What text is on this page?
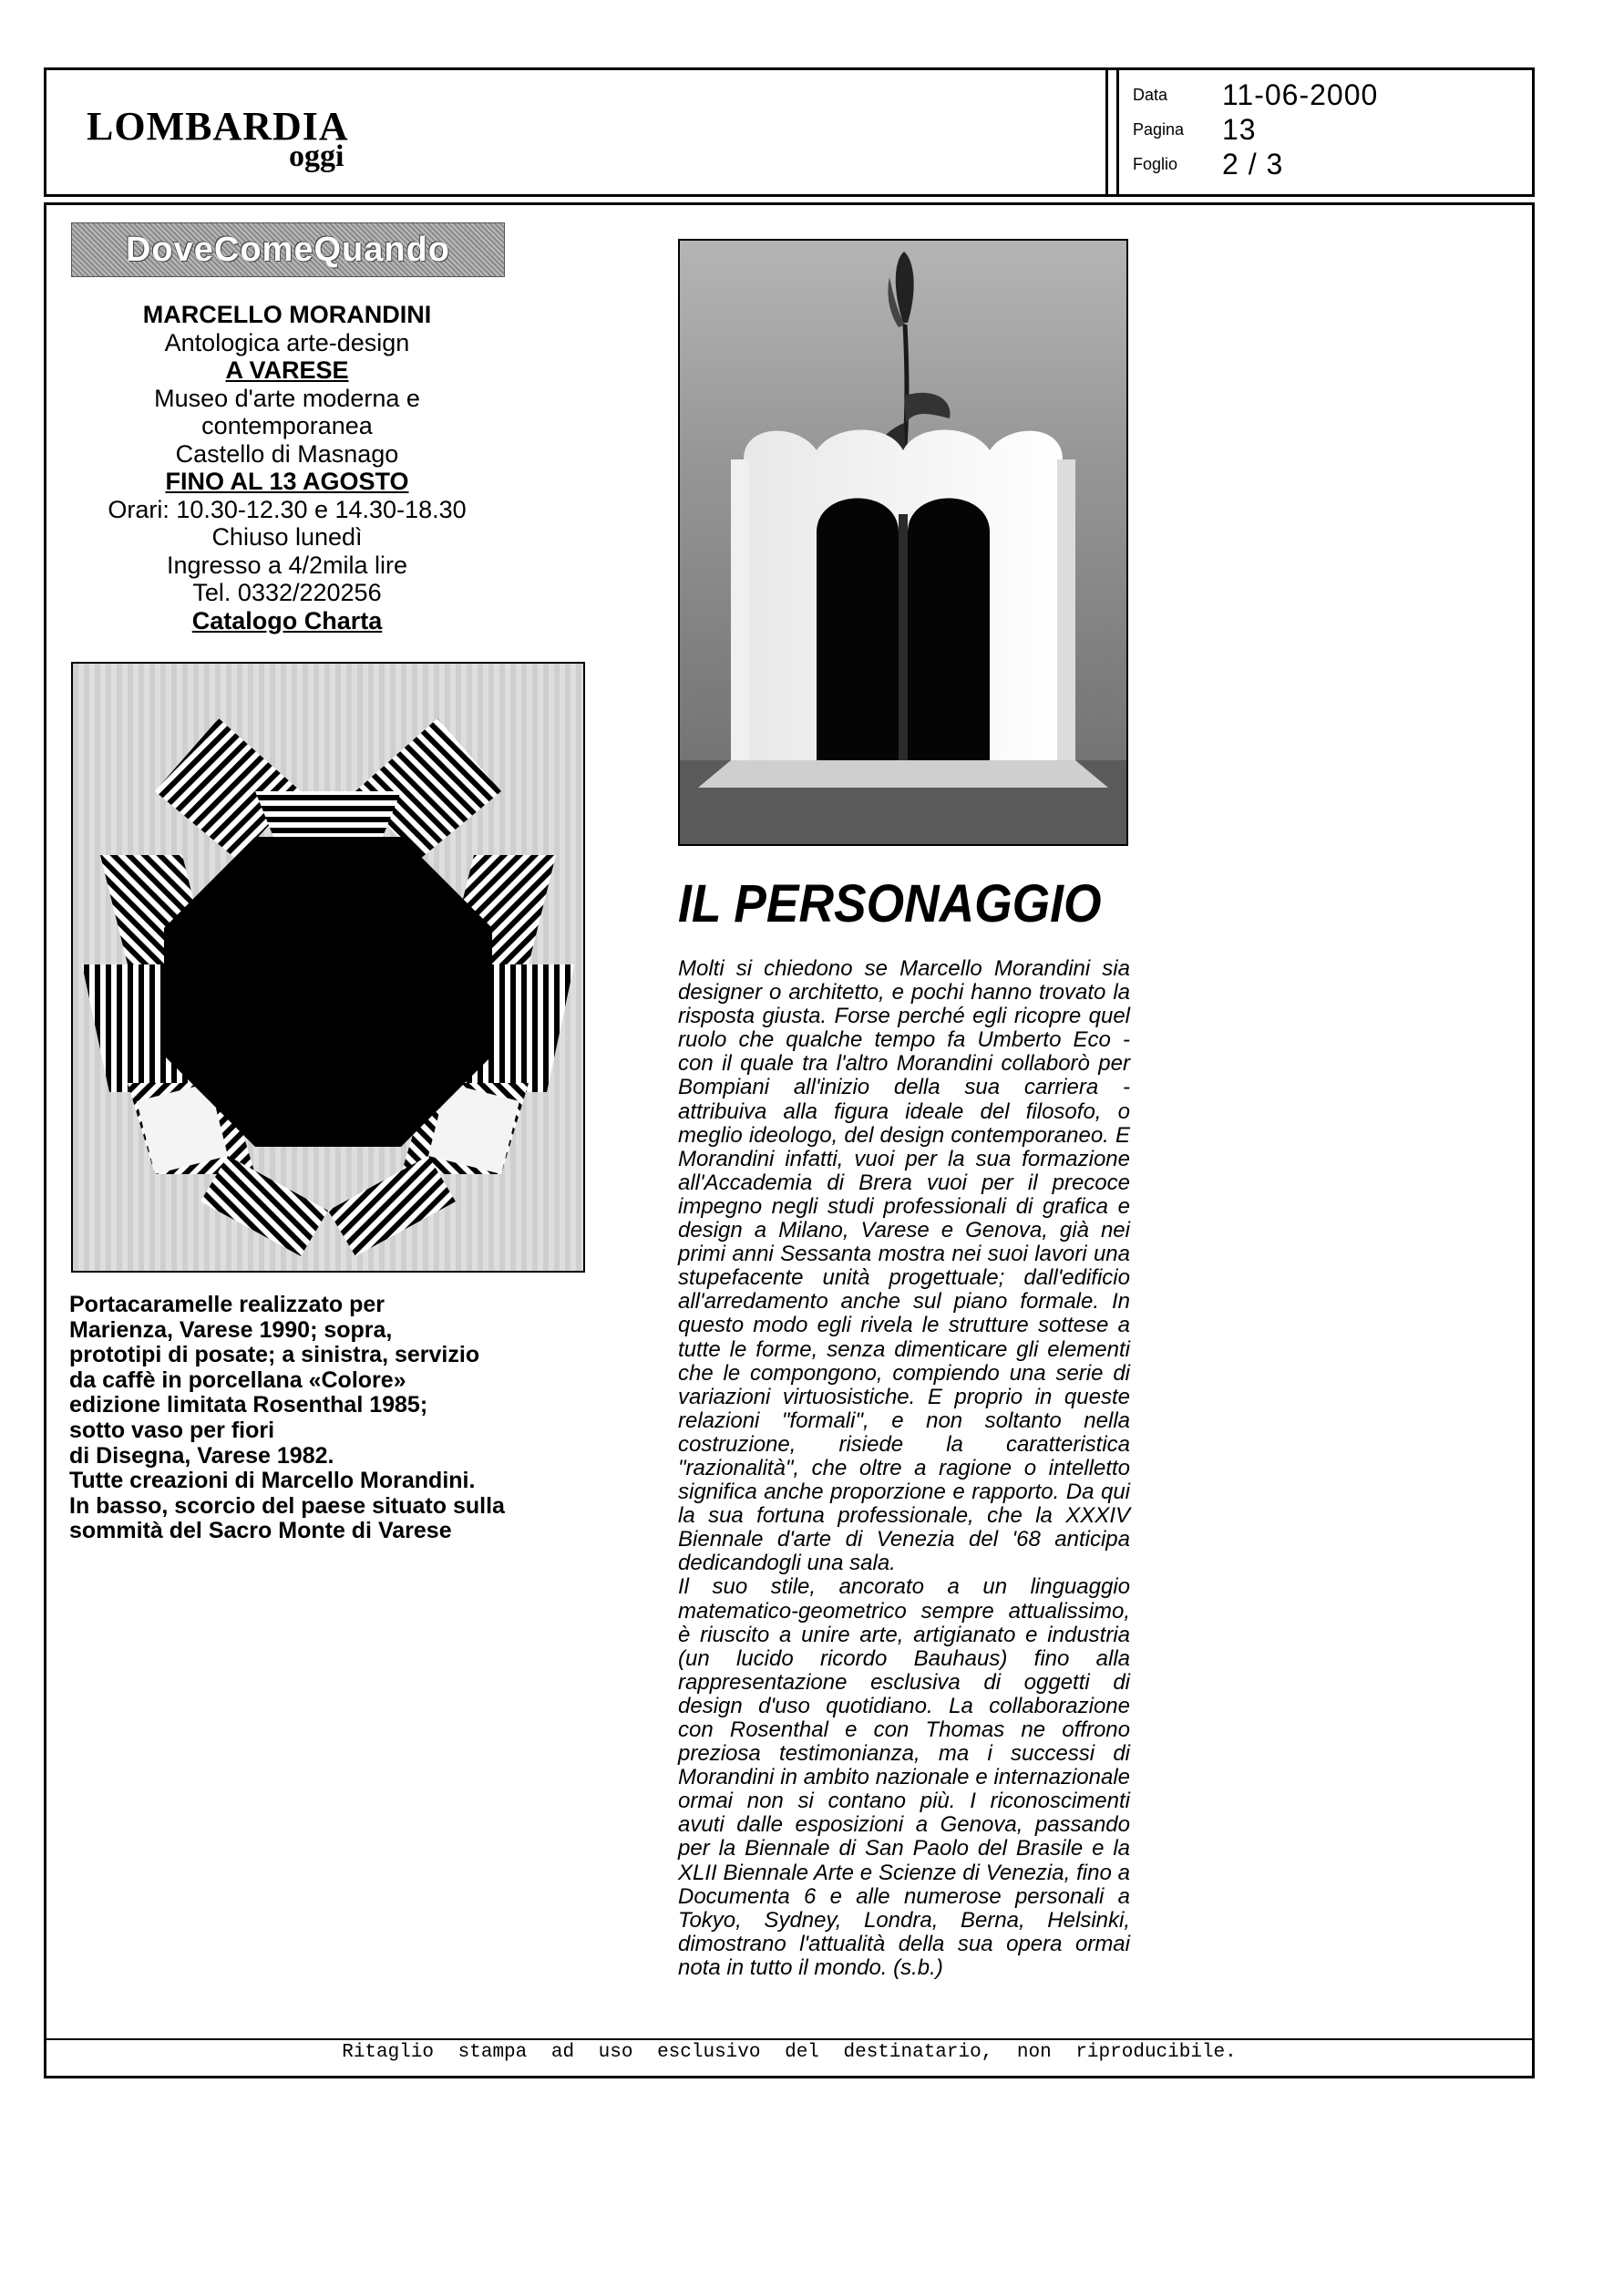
LOMBARDIA
oggi
Data	11-06-2000
Pagina	13
Foglio	2 / 3
DoveComeQuando
MARCELLO MORANDINI
Antologica arte-design
A VARESE
Museo d'arte moderna e
contemporanea
Castello di Masnago
FINO AL 13 AGOSTO
Orari: 10.30-12.30 e 14.30-18.30
Chiuso lunedì
Ingresso a 4/2mila lire
Tel. 0332/220256
Catalogo Charta

Portacaramelle realizzato per

Marienza, Varese 1990; sopra,

prototipi di posate; a sinistra, servizio

da caffè in porcellana «Colore»

edizione limitata Rosenthal 1985;

sotto vaso per fiori

di Disegna, Varese 1982.

Tutte creazioni di Marcello Morandini.

In basso, scorcio del paese situato sulla

sommità del Sacro Monte di Varese

IL PERSONAGGIO

Molti si chiedono se Marcello Morandini sia designer o architetto, e pochi hanno trovato la risposta giusta. Forse perché egli ricopre quel ruolo che qualche tempo fa Umberto Eco - con il quale tra l'altro Morandini collaborò per Bompiani all'inizio della sua carriera - attribuiva alla figura ideale del filosofo, o meglio ideologo, del design contemporaneo. E Morandini infatti, vuoi per la sua formazione all'Accademia di Brera vuoi per il precoce impegno negli studi professionali di grafica e design a Milano, Varese e Genova, già nei primi anni Sessanta mostra nei suoi lavori una stupefacente unità progettuale; dall'edificio all'arredamento anche sul piano formale. In questo modo egli rivela le strutture sottese a tutte le forme, senza dimenticare gli elementi che le compongono, compiendo una serie di variazioni virtuosistiche. E proprio in queste relazioni "formali", e non soltanto nella costruzione, risiede la caratteristica "razionalità", che oltre a ragione o intelletto significa anche proporzione e rapporto. Da qui la sua fortuna professionale, che la XXXIV Biennale d'arte di Venezia del '68 anticipa dedicandogli una sala.

Il suo stile, ancorato a un linguaggio matematico-geometrico sempre attualissimo, è riuscito a unire arte, artigianato e industria (un lucido ricordo Bauhaus) fino alla rappresentazione esclusiva di oggetti di design d'uso quotidiano. La collaborazione con Rosenthal e con Thomas ne offrono preziosa testimonianza, ma i successi di Morandini in ambito nazionale e internazionale ormai non si contano più. I riconoscimenti avuti dalle esposizioni a Genova, passando per la Biennale di San Paolo del Brasile e la XLII Biennale Arte e Scienze di Venezia, fino a Documenta 6 e alle numerose personali a Tokyo, Sydney, Londra, Berna, Helsinki, dimostrano l'attualità della sua opera ormai nota in tutto il mondo. (s.b.)

Ritaglio stampa ad uso esclusivo del destinatario, non riproducibile.
